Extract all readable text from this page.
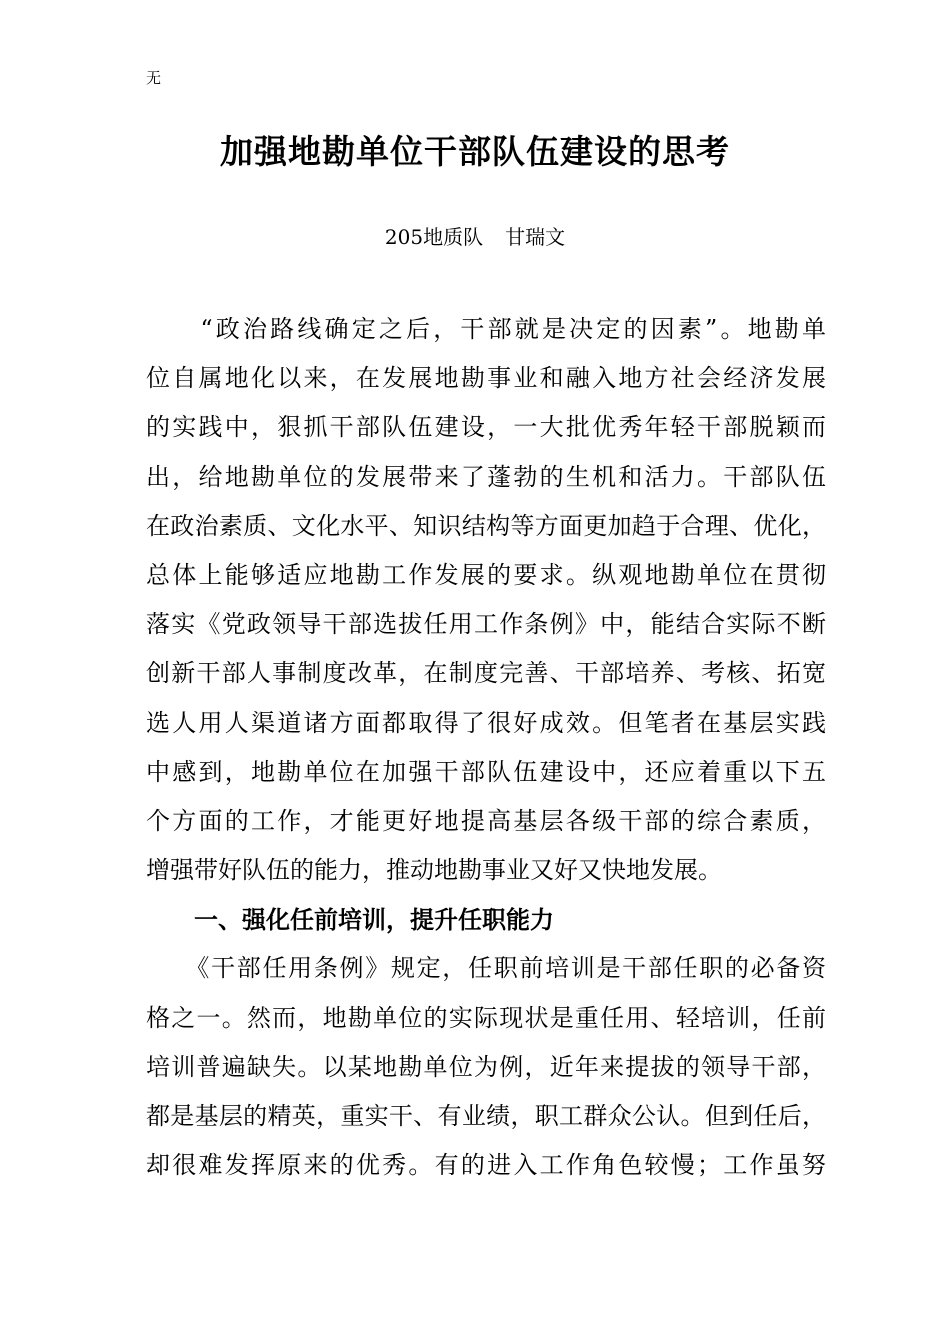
无
加强地勘单位干部队伍建设的思考
205地质队 甘瑞文
　　“政治路线确定之后，干部就是决定的因素”。地勘单
位自属地化以来，在发展地勘事业和融入地方社会经济发展
的实践中，狠抓干部队伍建设，一大批优秀年轻干部脱颖而
出，给地勘单位的发展带来了蓬勃的生机和活力。干部队伍
在政治素质、文化水平、知识结构等方面更加趋于合理、优化，
总体上能够适应地勘工作发展的要求。纵观地勘单位在贯彻
落实《党政领导干部选拔任用工作条例》中，能结合实际不断
创新干部人事制度改革，在制度完善、干部培养、考核、拓宽
选人用人渠道诸方面都取得了很好成效。但笔者在基层实践
中感到，地勘单位在加强干部队伍建设中，还应着重以下五
个方面的工作，才能更好地提高基层各级干部的综合素质，
增强带好队伍的能力，推动地勘事业又好又快地发展。
　　一、强化任前培训，提升任职能力
　　《干部任用条例》规定，任职前培训是干部任职的必备资
格之一。然而，地勘单位的实际现状是重任用、轻培训，任前
培训普遍缺失。以某地勘单位为例，近年来提拔的领导干部，
都是基层的精英，重实干、有业绩，职工群众公认。但到任后，
却很难发挥原来的优秀。有的进入工作角色较慢；工作虽努
